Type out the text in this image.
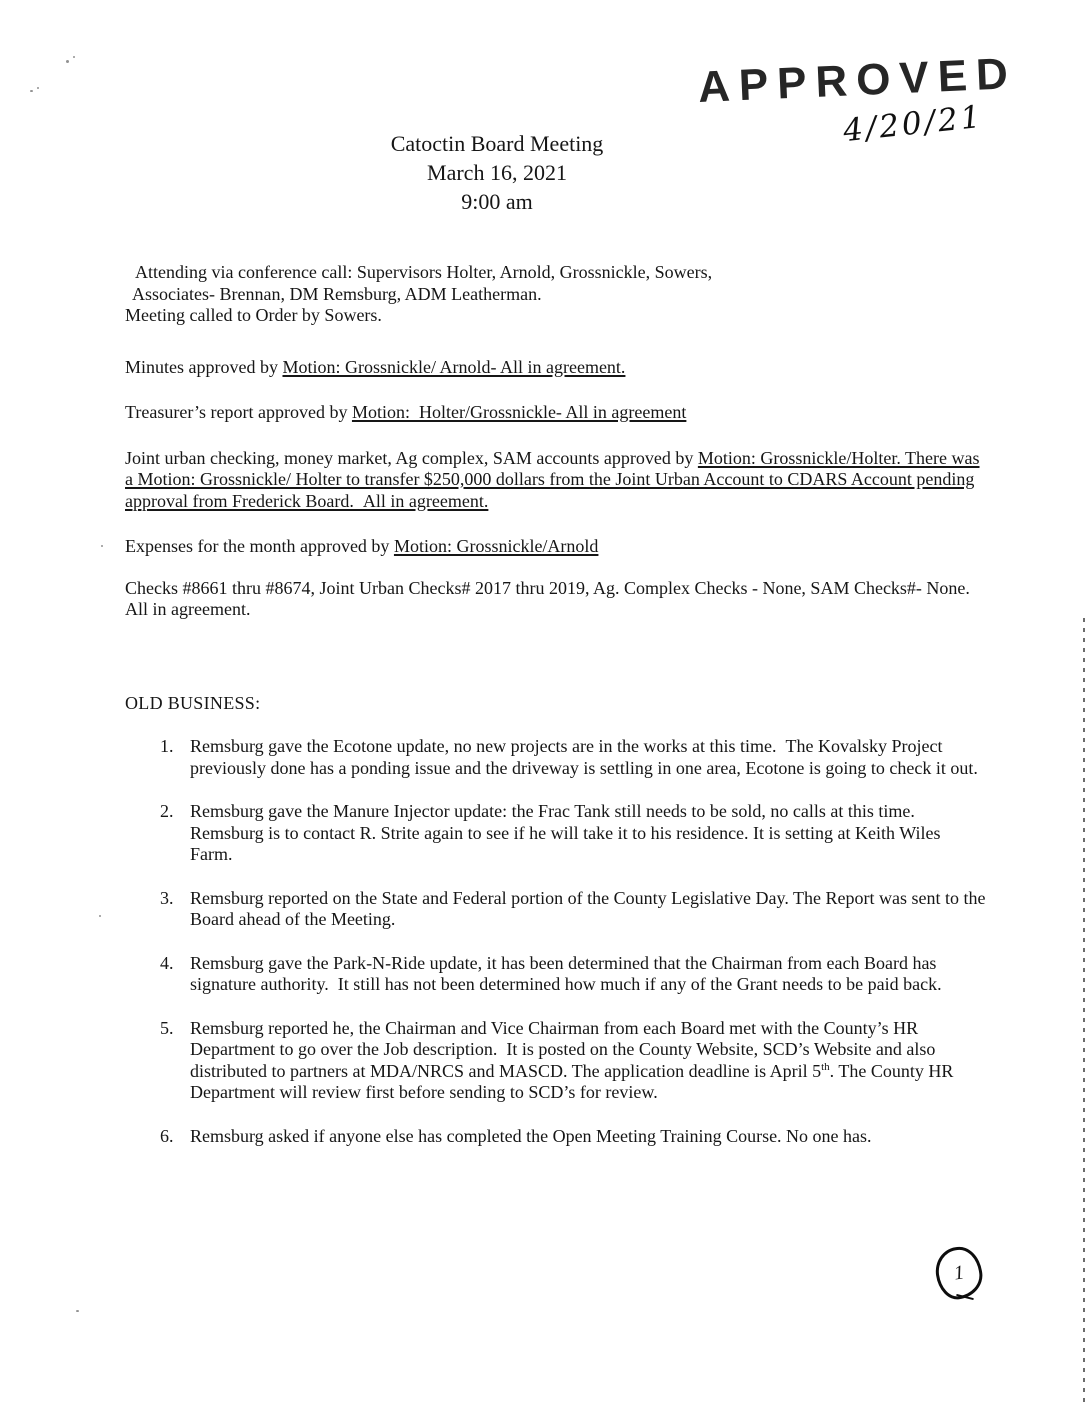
APPROVED
4/20/21
Catoctin Board Meeting
March 16, 2021
9:00 am

Attending via conference call: Supervisors Holter, Arnold, Grossnickle, Sowers,
Associates- Brennan, DM Remsburg, ADM Leatherman.
Meeting called to Order by Sowers.

Minutes approved by Motion: Grossnickle/ Arnold- All in agreement.

Treasurer’s report approved by Motion: Holter/Grossnickle- All in agreement

Joint urban checking, money market, Ag complex, SAM accounts approved by Motion: Grossnickle/Holter. There was a Motion: Grossnickle/ Holter to transfer $250,000 dollars from the Joint Urban Account to CDARS Account pending approval from Frederick Board. All in agreement.

Expenses for the month approved by Motion: Grossnickle/Arnold

Checks #8661 thru #8674, Joint Urban Checks# 2017 thru 2019, Ag. Complex Checks - None, SAM Checks#- None. All in agreement.

OLD BUSINESS:
1. Remsburg gave the Ecotone update, no new projects are in the works at this time. The Kovalsky Project previously done has a ponding issue and the driveway is settling in one area, Ecotone is going to check it out.
2. Remsburg gave the Manure Injector update: the Frac Tank still needs to be sold, no calls at this time. Remsburg is to contact R. Strite again to see if he will take it to his residence. It is setting at Keith Wiles Farm.
3. Remsburg reported on the State and Federal portion of the County Legislative Day. The Report was sent to the Board ahead of the Meeting.
4. Remsburg gave the Park-N-Ride update, it has been determined that the Chairman from each Board has signature authority. It still has not been determined how much if any of the Grant needs to be paid back.
5. Remsburg reported he, the Chairman and Vice Chairman from each Board met with the County’s HR Department to go over the Job description. It is posted on the County Website, SCD’s Website and also distributed to partners at MDA/NRCS and MASCD. The application deadline is April 5th. The County HR Department will review first before sending to SCD’s for review.
6. Remsburg asked if anyone else has completed the Open Meeting Training Course. No one has.
1
